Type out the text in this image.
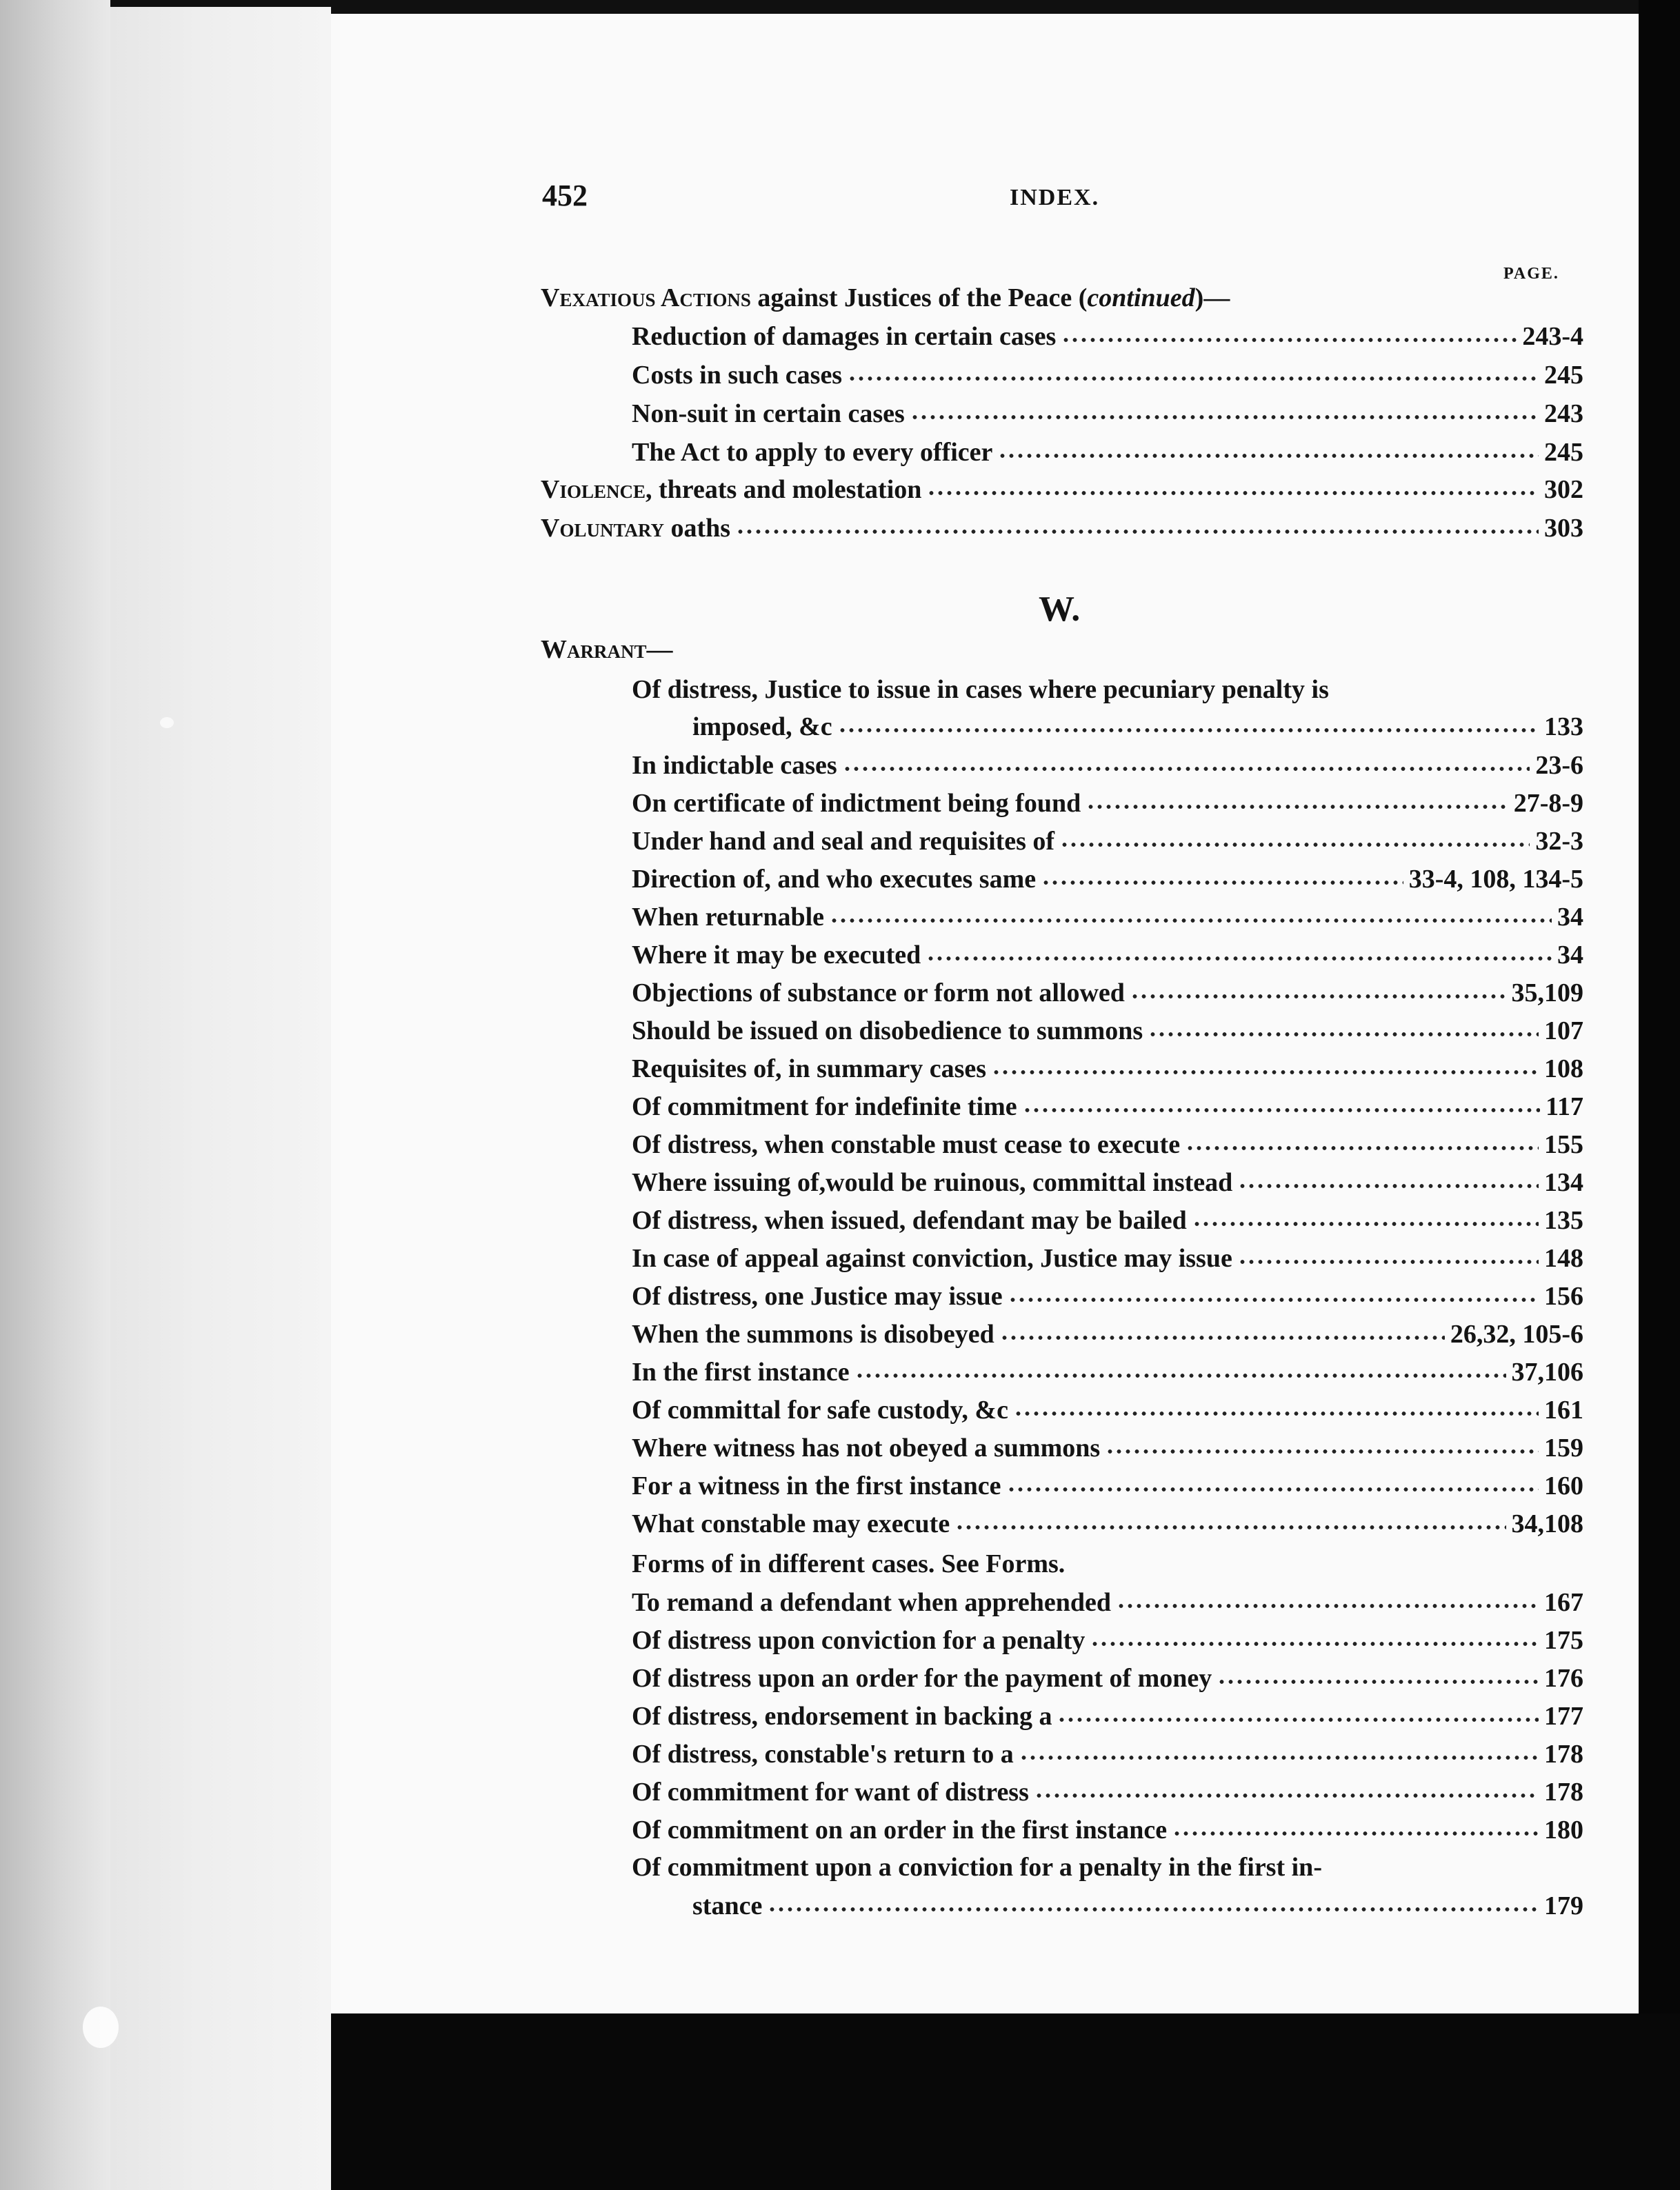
452	INDEX.
PAGE.
Vexatious Actions against Justices of the Peace (continued)—
Reduction of damages in certain cases	243-4
Costs in such cases	245
Non-suit in certain cases	243
The Act to apply to every officer	245
Violence , threats and molestation	302
Voluntary oaths	303
W.
Warrant—
Of distress, Justice to issue in cases where pecuniary penalty is
imposed, &c	133
In indictable cases	23-6
On certificate of indictment being found	27-8-9
Under hand and seal and requisites of	32-3
Direction of, and who executes same	33-4, 108, 134-5
When returnable	34
Where it may be executed	34
Objections of substance or form not allowed	35,109
Should be issued on disobedience to summons	107
Requisites of, in summary cases	108
Of commitment for indefinite time	117
Of distress, when constable must cease to execute	155
Where issuing of,would be ruinous, committal instead	134
Of distress, when issued, defendant may be bailed	135
In case of appeal against conviction, Justice may issue	148
Of distress, one Justice may issue	156
When the summons is disobeyed	26,32, 105-6
In the first instance	37,106
Of committal for safe custody, &c	161
Where witness has not obeyed a summons	159
For a witness in the first instance	160
What constable may execute	34,108
Forms of in different cases. See Forms.
To remand a defendant when apprehended	167
Of distress upon conviction for a penalty	175
Of distress upon an order for the payment of money	176
Of distress, endorsement in backing a	177
Of distress, constable's return to a	178
Of commitment for want of distress	178
Of commitment on an order in the first instance	180
Of commitment upon a conviction for a penalty in the first in-
stance	179
